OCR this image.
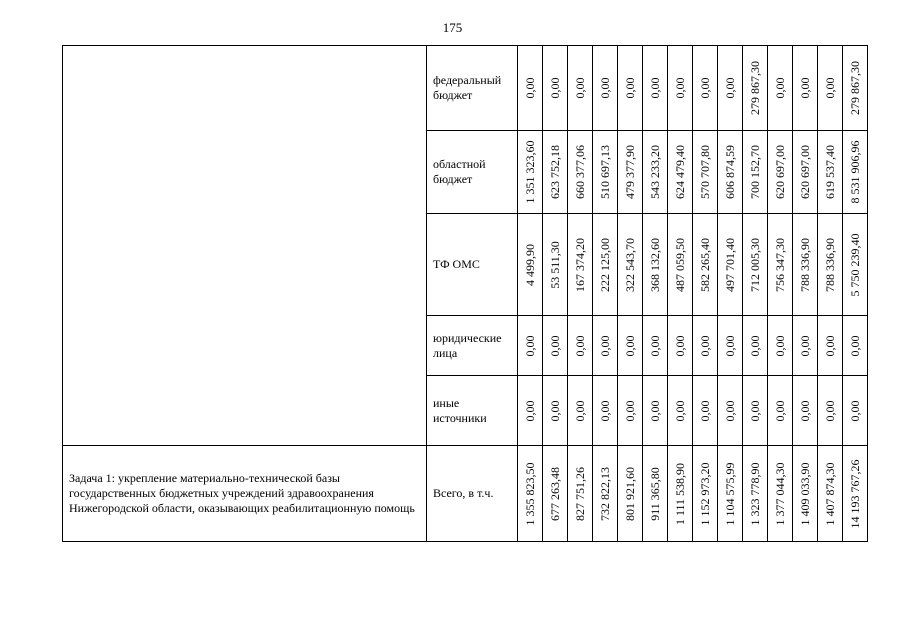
175

	федеральный бюджет	0,00	0,00	0,00	0,00	0,00	0,00	0,00	0,00	0,00	279 867,30	0,00	0,00	0,00	279 867,30

	областной бюджет	1 351 323,60	623 752,18	660 377,06	510 697,13	479 377,90	543 233,20	624 479,40	570 707,80	606 874,59	700 152,70	620 697,00	620 697,00	619 537,40	8 531 906,96

	ТФ ОМС	4 499,90	53 511,30	167 374,20	222 125,00	322 543,70	368 132,60	487 059,50	582 265,40	497 701,40	712 005,30	756 347,30	788 336,90	788 336,90	5 750 239,40

	юридические лица	0,00	0,00	0,00	0,00	0,00	0,00	0,00	0,00	0,00	0,00	0,00	0,00	0,00	0,00

	иные источники	0,00	0,00	0,00	0,00	0,00	0,00	0,00	0,00	0,00	0,00	0,00	0,00	0,00	0,00

Задача 1: укрепление материально-технической базы государственных бюджетных учреждений здравоохранения Нижегородской области, оказывающих реабилитационную помощь	Всего, в т.ч.	1 355 823,50	677 263,48	827 751,26	732 822,13	801 921,60	911 365,80	1 111 538,90	1 152 973,20	1 104 575,99	1 323 778,90	1 377 044,30	1 409 033,90	1 407 874,30	14 193 767,26
